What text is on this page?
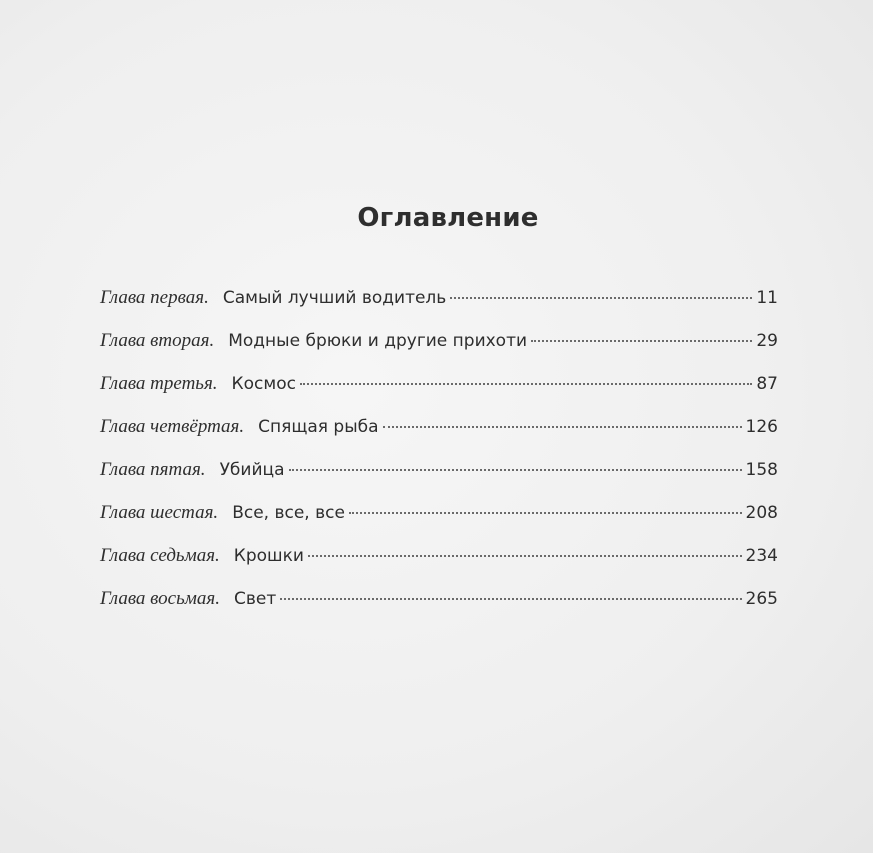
Оглавление
Глава первая. Самый лучший водитель	11
Глава вторая. Модные брюки и другие прихоти	29
Глава третья. Космос	87
Глава четвёртая. Спящая рыба	126
Глава пятая. Убийца	158
Глава шестая. Все, все, все	208
Глава седьмая. Крошки	234
Глава восьмая. Свет	265
